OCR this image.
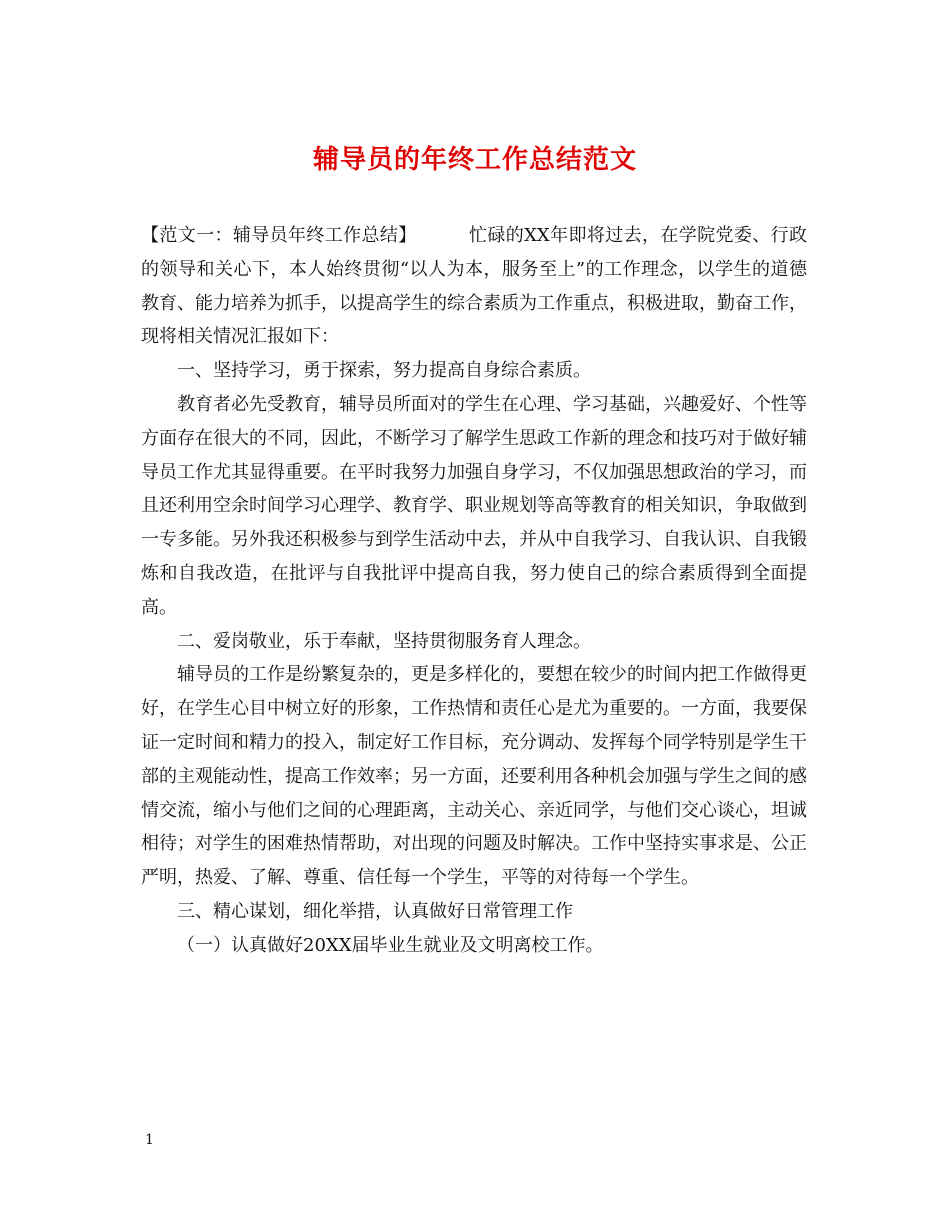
辅导员的年终工作总结范文

【范文一：辅导员年终工作总结】	忙碌的XX年即将过去，在学院党委、行政的领导和关心下，本人始终贯彻“以人为本，服务至上”的工作理念，以学生的道德教育、能力培养为抓手，以提高学生的综合素质为工作重点，积极进取，勤奋工作，现将相关情况汇报如下：

一、坚持学习，勇于探索，努力提高自身综合素质。

教育者必先受教育，辅导员所面对的学生在心理、学习基础，兴趣爱好、个性等方面存在很大的不同，因此，不断学习了解学生思政工作新的理念和技巧对于做好辅导员工作尤其显得重要。在平时我努力加强自身学习，不仅加强思想政治的学习，而且还利用空余时间学习心理学、教育学、职业规划等高等教育的相关知识，争取做到一专多能。另外我还积极参与到学生活动中去，并从中自我学习、自我认识、自我锻炼和自我改造，在批评与自我批评中提高自我，努力使自己的综合素质得到全面提高。

二、爱岗敬业，乐于奉献，坚持贯彻服务育人理念。

辅导员的工作是纷繁复杂的，更是多样化的，要想在较少的时间内把工作做得更好，在学生心目中树立好的形象，工作热情和责任心是尤为重要的。一方面，我要保证一定时间和精力的投入，制定好工作目标，充分调动、发挥每个同学特别是学生干部的主观能动性，提高工作效率；另一方面，还要利用各种机会加强与学生之间的感情交流，缩小与他们之间的心理距离，主动关心、亲近同学，与他们交心谈心，坦诚相待；对学生的困难热情帮助，对出现的问题及时解决。工作中坚持实事求是、公正严明，热爱、了解、尊重、信任每一个学生，平等的对待每一个学生。

三、精心谋划，细化举措，认真做好日常管理工作

（一）认真做好20XX届毕业生就业及文明离校工作。

1
